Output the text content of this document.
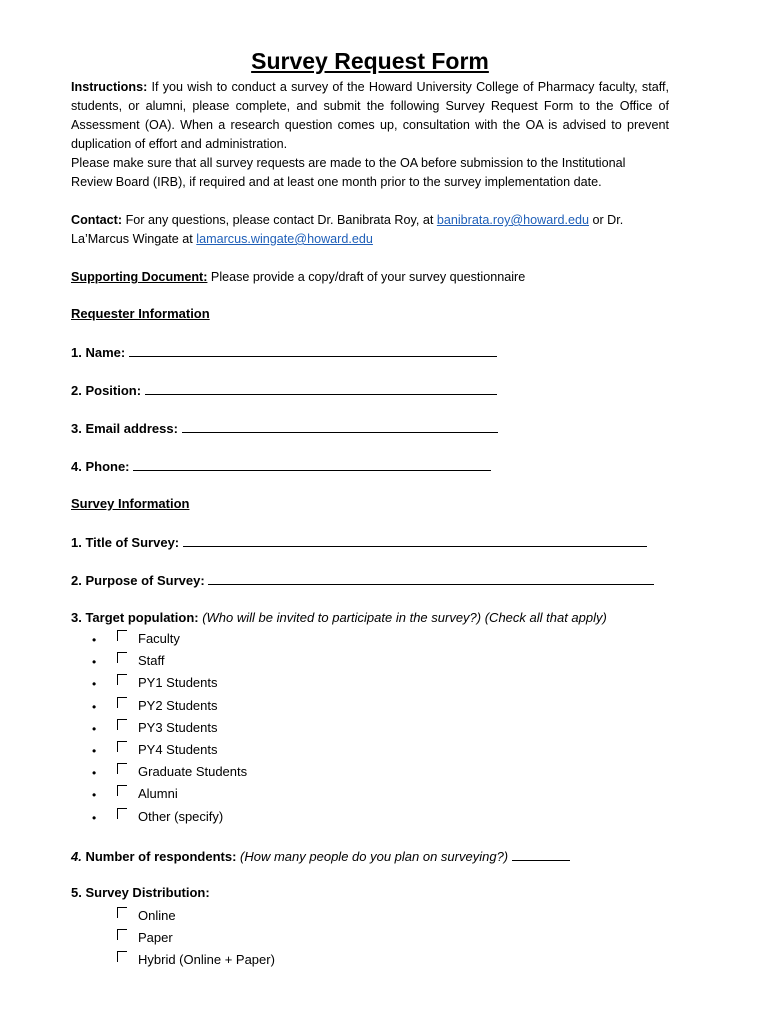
Survey Request Form
Instructions: If you wish to conduct a survey of the Howard University College of Pharmacy faculty, staff, students, or alumni, please complete, and submit the following Survey Request Form to the Office of Assessment (OA). When a research question comes up, consultation with the OA is advised to prevent duplication of effort and administration.
Please make sure that all survey requests are made to the OA before submission to the Institutional Review Board (IRB), if required and at least one month prior to the survey implementation date.
Contact: For any questions, please contact Dr. Banibrata Roy, at banibrata.roy@howard.edu or Dr. La’Marcus Wingate at lamarcus.wingate@howard.edu
Supporting Document: Please provide a copy/draft of your survey questionnaire
Requester Information
1. Name:
2. Position:
3. Email address:
4. Phone:
Survey Information
1. Title of Survey:
2. Purpose of Survey:
3. Target population: (Who will be invited to participate in the survey?) (Check all that apply)
•	Faculty
•	Staff
•	PY1 Students
•	PY2 Students
•	PY3 Students
•	PY4 Students
•	Graduate Students
•	Alumni
•	Other (specify)
4. Number of respondents: (How many people do you plan on surveying?)
5. Survey Distribution:
Online
Paper
Hybrid (Online + Paper)
